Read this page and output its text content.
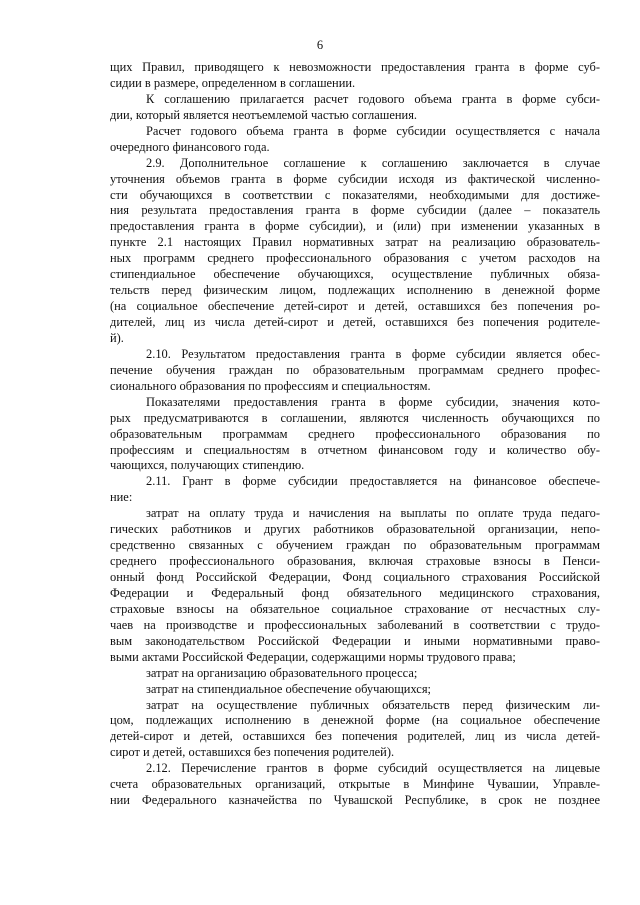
6
щих Правил, приводящего к невозможности предоставления гранта в форме суб-
сидии в размере, определенном в соглашении.
К соглашению прилагается расчет годового объема гранта в форме субси-
дии, который является неотъемлемой частью соглашения.
Расчет годового объема гранта в форме субсидии осуществляется с начала
очередного финансового года.
2.9. Дополнительное соглашение к соглашению заключается в случае
уточнения объемов гранта в форме субсидии исходя из фактической численно-
сти обучающихся в соответствии с показателями, необходимыми для достиже-
ния результата предоставления гранта в форме субсидии (далее – показатель
предоставления гранта в форме субсидии), и (или) при изменении указанных в
пункте 2.1 настоящих Правил нормативных затрат на реализацию образователь-
ных программ среднего профессионального образования с учетом расходов на
стипендиальное обеспечение обучающихся, осуществление публичных обяза-
тельств перед физическим лицом, подлежащих исполнению в денежной форме
(на социальное обеспечение детей-сирот и детей, оставшихся без попечения ро-
дителей, лиц из числа детей-сирот и детей, оставшихся без попечения родителе-
й).
2.10. Результатом предоставления гранта в форме субсидии является обес-
печение обучения граждан по образовательным программам среднего профес-
сионального образования по профессиям и специальностям.
Показателями предоставления гранта в форме субсидии, значения кото-
рых предусматриваются в соглашении, являются численность обучающихся по
образовательным программам среднего профессионального образования по
профессиям и специальностям в отчетном финансовом году и количество обу-
чающихся, получающих стипендию.
2.11. Грант в форме субсидии предоставляется на финансовое обеспече-
ние:
затрат на оплату труда и начисления на выплаты по оплате труда педаго-
гических работников и других работников образовательной организации, непо-
средственно связанных с обучением граждан по образовательным программам
среднего профессионального образования, включая страховые взносы в Пенси-
онный фонд Российской Федерации, Фонд социального страхования Российской
Федерации и Федеральный фонд обязательного медицинского страхования,
страховые взносы на обязательное социальное страхование от несчастных слу-
чаев на производстве и профессиональных заболеваний в соответствии с трудо-
вым законодательством Российской Федерации и иными нормативными право-
выми актами Российской Федерации, содержащими нормы трудового права;
затрат на организацию образовательного процесса;
затрат на стипендиальное обеспечение обучающихся;
затрат на осуществление публичных обязательств перед физическим ли-
цом, подлежащих исполнению в денежной форме (на социальное обеспечение
детей-сирот и детей, оставшихся без попечения родителей, лиц из числа детей-
сирот и детей, оставшихся без попечения родителей).
2.12. Перечисление грантов в форме субсидий осуществляется на лицевые
счета образовательных организаций, открытые в Минфине Чувашии, Управле-
нии Федерального казначейства по Чувашской Республике, в срок не позднее
